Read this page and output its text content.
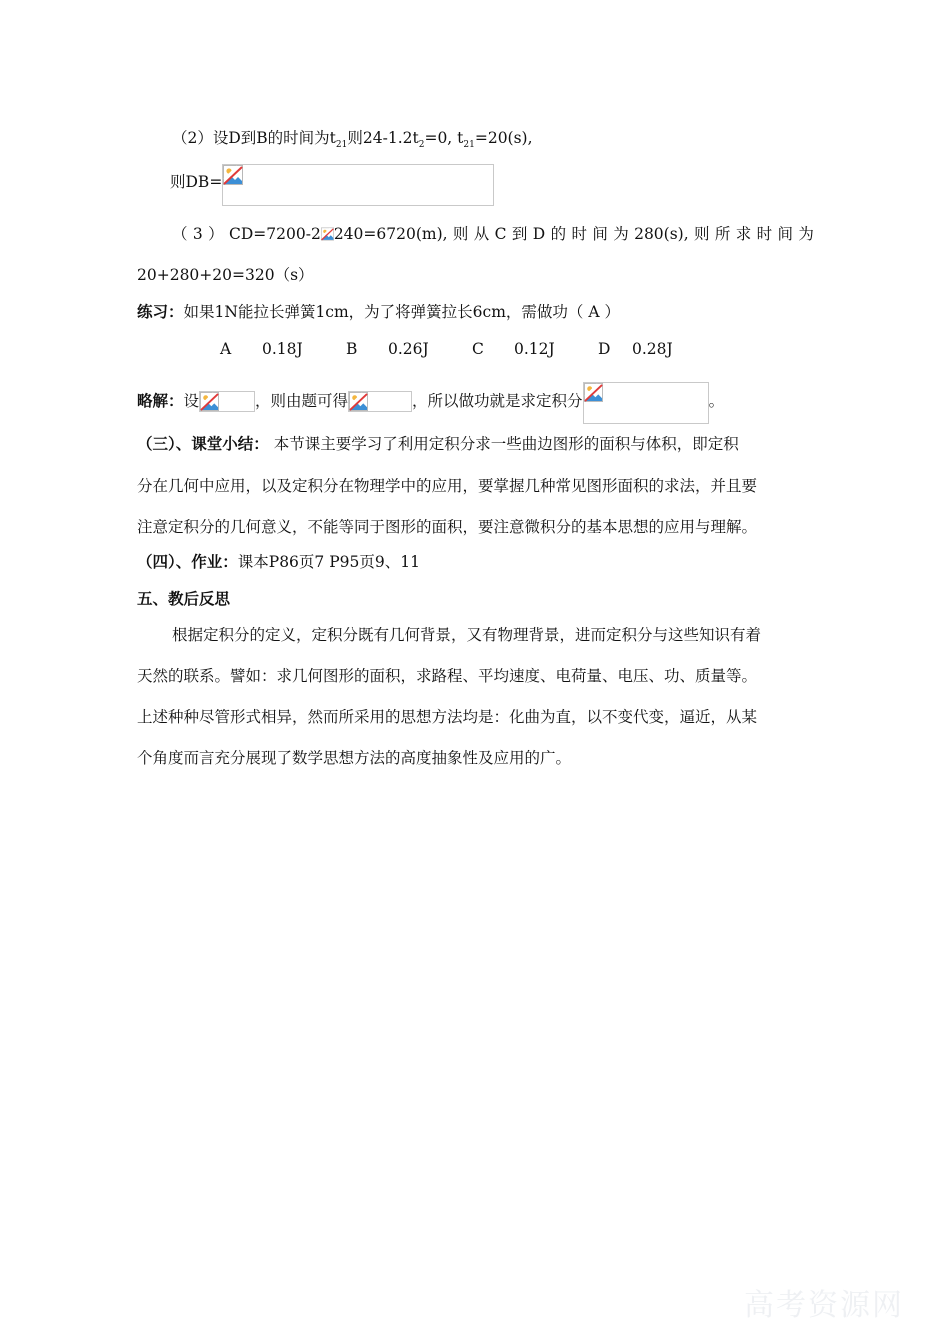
（2）设D到B的时间为$t_{21}$则$24-1.2t_2=0$, $t_{21}=20(s)$,
则DB=
（ 3 ） CD=7200-2 240=6720(m), 则 从 C 到 D 的 时 间 为 280(s), 则 所 求 时 间 为
20+280+20=320（s）
练习：如果1N能拉长弹簧1cm，为了将弹簧拉长6cm，需做功（ A ）
A 0.18J	B 0.26J	C 0.12J	D 0.28J
略解：设	，则由题可得	，所以做功就是求定积分	。
（三）、课堂小结： 本节课主要学习了利用定积分求一些曲边图形的面积与体积，即定积
分在几何中应用，以及定积分在物理学中的应用，要掌握几种常见图形面积的求法，并且要
注意定积分的几何意义，不能等同于图形的面积，要注意微积分的基本思想的应用与理解。
（四）、作业：课本P86页7 P95页9、11
五、教后反思
根据定积分的定义，定积分既有几何背景，又有物理背景，进而定积分与这些知识有着
天然的联系。譬如：求几何图形的面积，求路程、平均速度、电荷量、电压、功、质量等。
上述种种尽管形式相异，然而所采用的思想方法均是：化曲为直，以不变代变，逼近，从某
个角度而言充分展现了数学思想方法的高度抽象性及应用的广。
高考资源网
